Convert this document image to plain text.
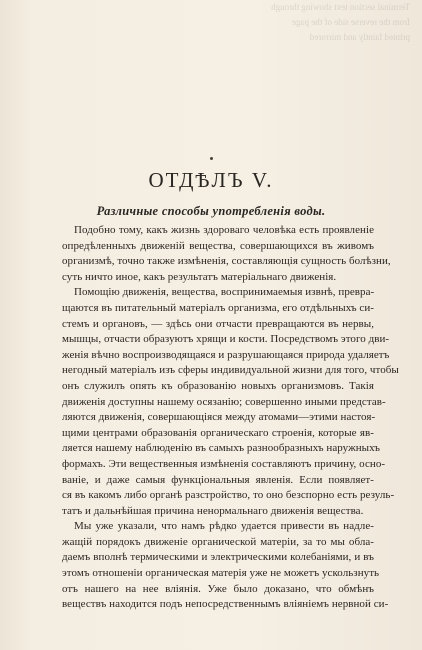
Terminal section text showing through
from the reverse side of the page
printed faintly and mirrored
ОТДѢЛЪ V.
Различные способы употребленія воды.
Подобно тому, какъ жизнь здороваго человѣка есть проявленіе
опредѣленныхъ движеній вещества, совершающихся въ живомъ
организмѣ, точно также измѣненія, составляющія сущность болѣзни,
суть ничто иное, какъ результатъ матеріальнаго движенія.
Помощію движенія, вещества, воспринимаемыя извнѣ, превра-
щаются въ питательный матеріалъ организма, его отдѣльныхъ си-
стемъ и органовъ, — здѣсь они отчасти превращаются въ нервы,
мышцы, отчасти образуютъ хрящи и кости. Посредствомъ этого дви-
женія вѣчно воспроизводящаяся и разрушающаяся природа удаляетъ
негодный матеріалъ изъ сферы индивидуальной жизни для того, чтобы
онъ служилъ опять къ образованію новыхъ организмовъ. Такія
движенія доступны нашему осязанію; совершенно иными представ-
ляются движенія, совершающіяся между атомами—этими настоя-
щими центрами образованія органическаго строенія, которые яв-
ляется нашему наблюденію въ самыхъ разнообразныхъ наружныхъ
формахъ. Эти вещественныя измѣненія составляютъ причину, осно-
ваніе, и даже самыя функціональныя явленія. Если появляет-
ся въ какомъ либо органѣ разстройство, то оно безспорно есть резуль-
татъ и дальнѣйшая причина ненормальнаго движенія вещества.
Мы уже указали, что намъ рѣдко удается привести въ надле-
жащій порядокъ движеніе органической матеріи, за то мы обла-
даемъ вполнѣ термическими и электрическими колебаніями, и въ
этомъ отношеніи органическая матерія уже не можетъ ускользнуть
отъ нашего на нее вліянія. Уже было доказано, что обмѣнъ
веществъ находится подъ непосредственнымъ вліяніемъ нервной си-
